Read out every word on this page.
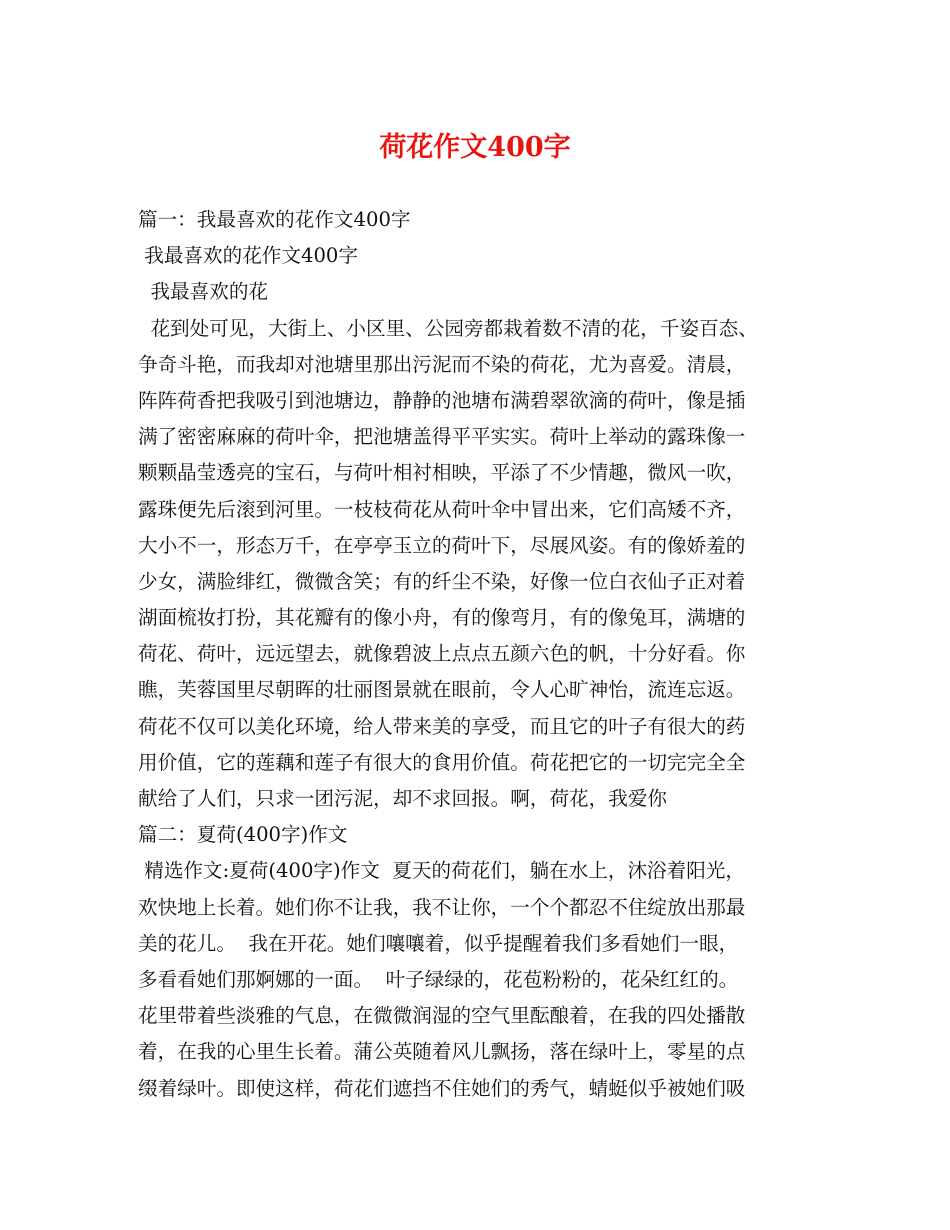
荷花作文400字
篇一：我最喜欢的花作文400字
我最喜欢的花作文400字
我最喜欢的花
花到处可见，大街上、小区里、公园旁都栽着数不清的花，千姿百态、
争奇斗艳，而我却对池塘里那出污泥而不染的荷花，尤为喜爱。清晨，
阵阵荷香把我吸引到池塘边，静静的池塘布满碧翠欲滴的荷叶，像是插
满了密密麻麻的荷叶伞，把池塘盖得平平实实。荷叶上举动的露珠像一
颗颗晶莹透亮的宝石，与荷叶相衬相映，平添了不少情趣，微风一吹，
露珠便先后滚到河里。一枝枝荷花从荷叶伞中冒出来，它们高矮不齐，
大小不一，形态万千，在亭亭玉立的荷叶下，尽展风姿。有的像娇羞的
少女，满脸绯红，微微含笑；有的纤尘不染，好像一位白衣仙子正对着
湖面梳妆打扮，其花瓣有的像小舟，有的像弯月，有的像兔耳，满塘的
荷花、荷叶，远远望去，就像碧波上点点五颜六色的帆，十分好看。你
瞧，芙蓉国里尽朝晖的壮丽图景就在眼前，令人心旷神怡，流连忘返。
荷花不仅可以美化环境，给人带来美的享受，而且它的叶子有很大的药
用价值，它的莲藕和莲子有很大的食用价值。荷花把它的一切完完全全
献给了人们，只求一团污泥，却不求回报。啊，荷花，我爱你
篇二：夏荷(400字)作文
精选作文:夏荷(400字)作文  夏天的荷花们，躺在水上，沐浴着阳光，
欢快地上长着。她们你不让我，我不让你，一个个都忍不住绽放出那最
美的花儿。  我在开花。她们嚷嚷着，似乎提醒着我们多看她们一眼，
多看看她们那婀娜的一面。  叶子绿绿的，花苞粉粉的，花朵红红的。
花里带着些淡雅的气息，在微微润湿的空气里酝酿着，在我的四处播散
着，在我的心里生长着。蒲公英随着风儿飘扬，落在绿叶上，零星的点
缀着绿叶。即使这样，荷花们遮挡不住她们的秀气，蜻蜓似乎被她们吸
